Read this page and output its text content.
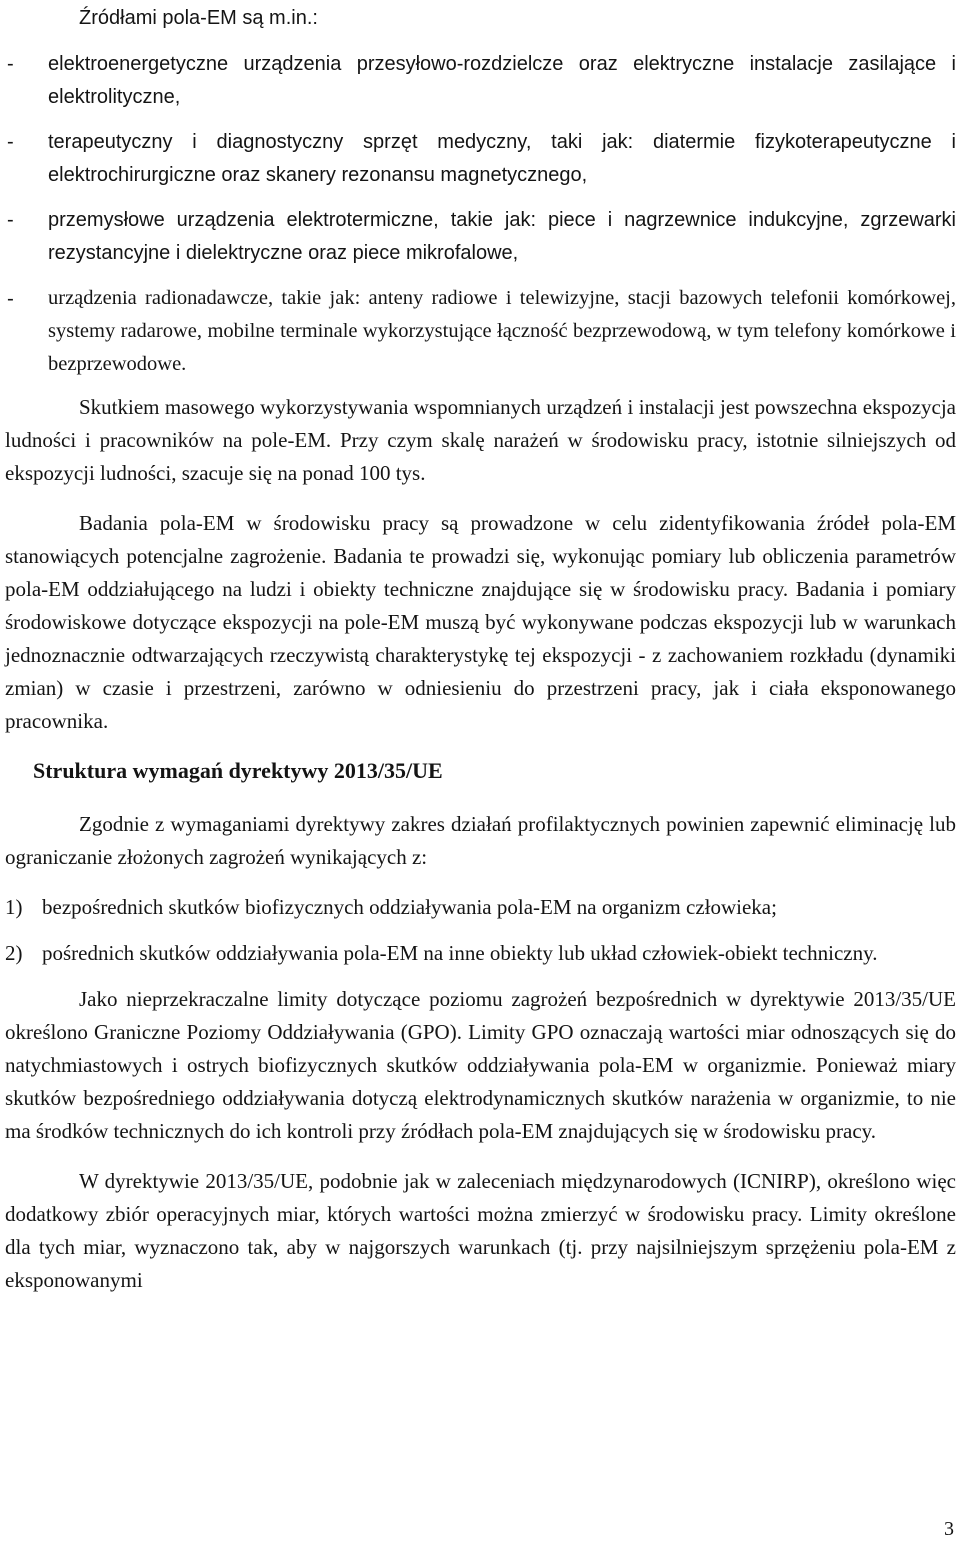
Źródłami pola-EM są m.in.:

- elektroenergetyczne urządzenia przesyłowo-rozdzielcze oraz elektryczne instalacje zasilające i elektrolityczne,
- terapeutyczny i diagnostyczny sprzęt medyczny, taki jak: diatermie fizykoterapeutyczne i elektrochirurgiczne oraz skanery rezonansu magnetycznego,
- przemysłowe urządzenia elektrotermiczne, takie jak: piece i nagrzewnice indukcyjne, zgrzewarki rezystancyjne i dielektryczne oraz piece mikrofalowe,
- urządzenia radionadawcze, takie jak: anteny radiowe i telewizyjne, stacji bazowych telefonii komórkowej, systemy radarowe, mobilne terminale wykorzystujące łączność bezprzewodową, w tym telefony komórkowe i bezprzewodowe.

Skutkiem masowego wykorzystywania wspomnianych urządzeń i instalacji jest powszechna ekspozycja ludności i pracowników na pole-EM. Przy czym skalę narażeń w środowisku pracy, istotnie silniejszych od ekspozycji ludności, szacuje się na ponad 100 tys.

Badania pola-EM w środowisku pracy są prowadzone w celu zidentyfikowania źródeł pola-EM stanowiących potencjalne zagrożenie. Badania te prowadzi się, wykonując pomiary lub obliczenia parametrów pola-EM oddziałującego na ludzi i obiekty techniczne znajdujące się w środowisku pracy. Badania i pomiary środowiskowe dotyczące ekspozycji na pole-EM muszą być wykonywane podczas ekspozycji lub w warunkach jednoznacznie odtwarzających rzeczywistą charakterystykę tej ekspozycji - z zachowaniem rozkładu (dynamiki zmian) w czasie i przestrzeni, zarówno w odniesieniu do przestrzeni pracy, jak i ciała eksponowanego pracownika.

Struktura wymagań dyrektywy 2013/35/UE

Zgodnie z wymaganiami dyrektywy zakres działań profilaktycznych powinien zapewnić eliminację lub ograniczanie złożonych zagrożeń wynikających z:

1) bezpośrednich skutków biofizycznych oddziaływania pola-EM na organizm człowieka;
2) pośrednich skutków oddziaływania pola-EM na inne obiekty lub układ człowiek-obiekt techniczny.

Jako nieprzekraczalne limity dotyczące poziomu zagrożeń bezpośrednich w dyrektywie 2013/35/UE określono Graniczne Poziomy Oddziaływania (GPO). Limity GPO oznaczają wartości miar odnoszących się do natychmiastowych i ostrych biofizycznych skutków oddziaływania pola-EM w organizmie. Ponieważ miary skutków bezpośredniego oddziaływania dotyczą elektrodynamicznych skutków narażenia w organizmie, to nie ma środków technicznych do ich kontroli przy źródłach pola-EM znajdujących się w środowisku pracy.

W dyrektywie 2013/35/UE, podobnie jak w zaleceniach międzynarodowych (ICNIRP), określono więc dodatkowy zbiór operacyjnych miar, których wartości można zmierzyć w środowisku pracy. Limity określone dla tych miar, wyznaczono tak, aby w najgorszych warunkach (tj. przy najsilniejszym sprzężeniu pola-EM z eksponowanymi

3
